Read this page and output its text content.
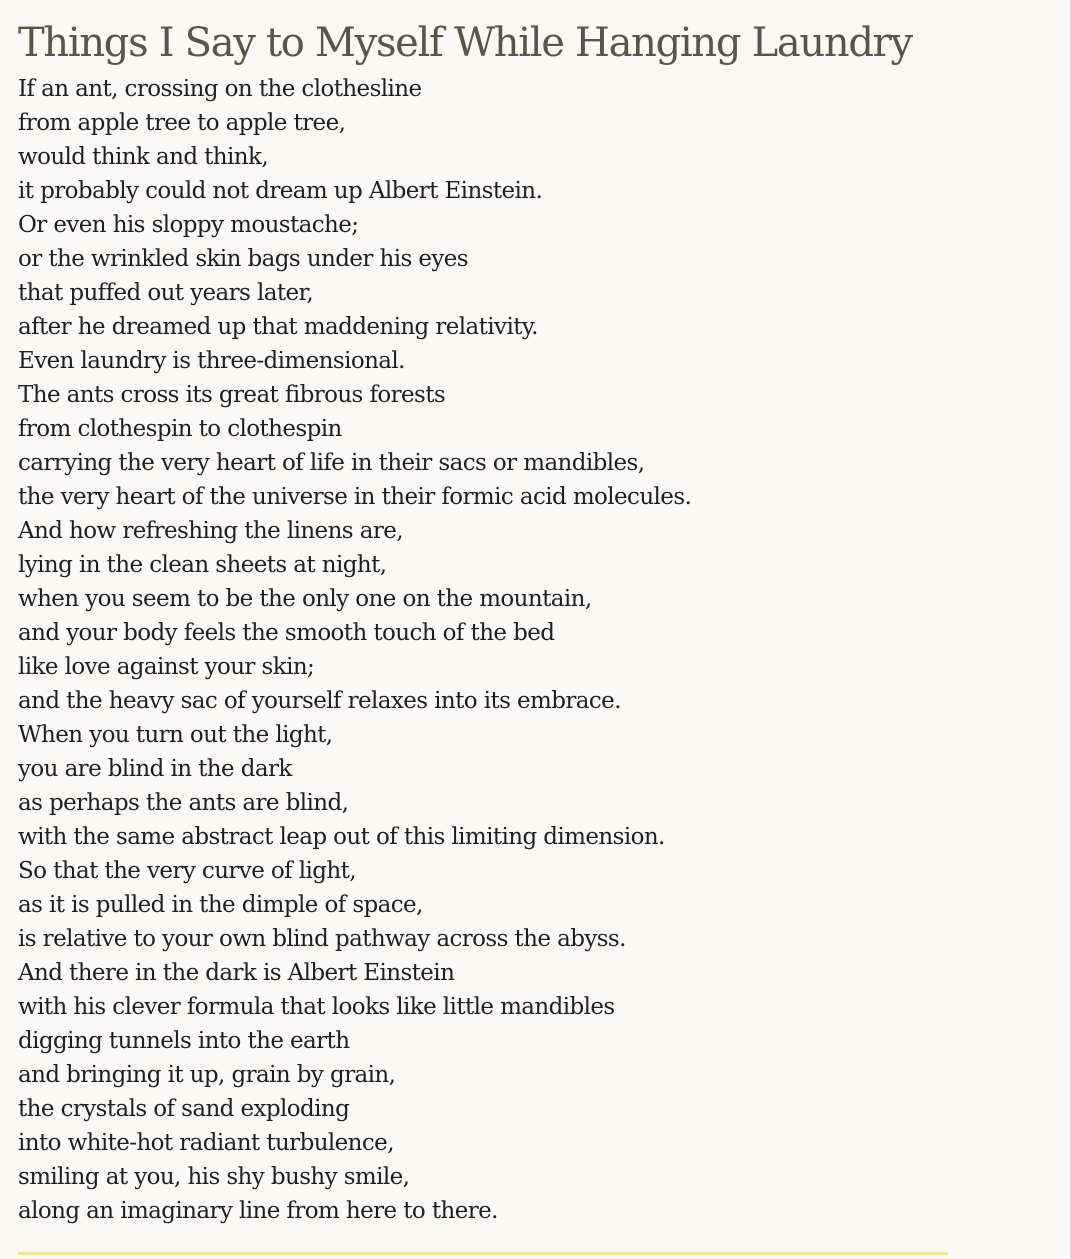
Things I Say to Myself While Hanging Laundry
If an ant, crossing on the clothesline
from apple tree to apple tree,
would think and think,
it probably could not dream up Albert Einstein.
Or even his sloppy moustache;
or the wrinkled skin bags under his eyes
that puffed out years later,
after he dreamed up that maddening relativity.
Even laundry is three-dimensional.
The ants cross its great fibrous forests
from clothespin to clothespin
carrying the very heart of life in their sacs or mandibles,
the very heart of the universe in their formic acid molecules.
And how refreshing the linens are,
lying in the clean sheets at night,
when you seem to be the only one on the mountain,
and your body feels the smooth touch of the bed
like love against your skin;
and the heavy sac of yourself relaxes into its embrace.
When you turn out the light,
you are blind in the dark
as perhaps the ants are blind,
with the same abstract leap out of this limiting dimension.
So that the very curve of light,
as it is pulled in the dimple of space,
is relative to your own blind pathway across the abyss.
And there in the dark is Albert Einstein
with his clever formula that looks like little mandibles
digging tunnels into the earth
and bringing it up, grain by grain,
the crystals of sand exploding
into white-hot radiant turbulence,
smiling at you, his shy bushy smile,
along an imaginary line from here to there.
